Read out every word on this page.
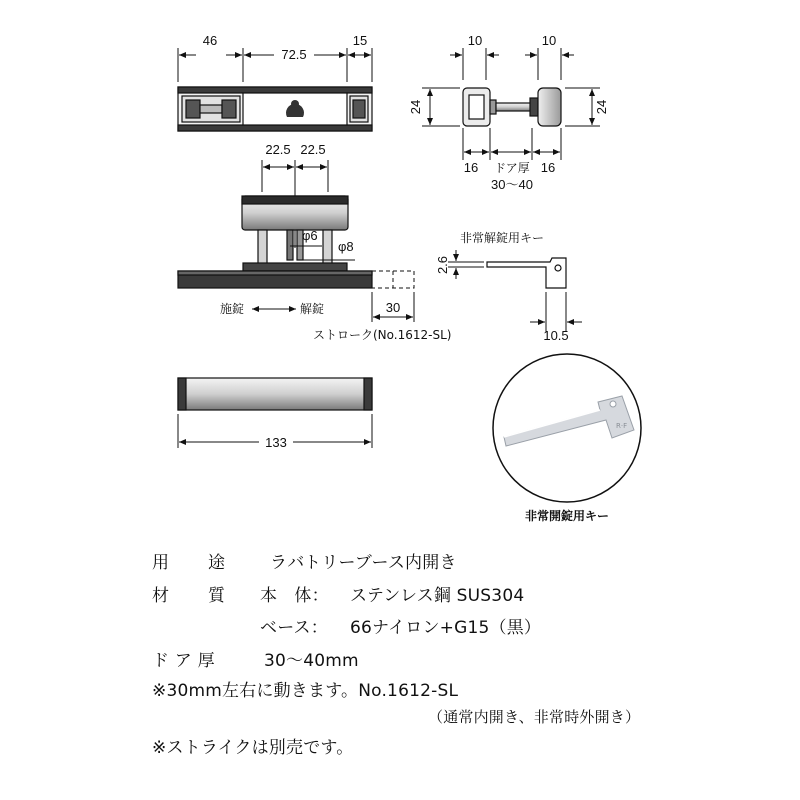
46
72.5
15	10	10
24	24
16	16
ドア厚
30～40
22.5 22.5
φ6
φ8
施錠	解錠	30
ストローク(No.1612-SL)
非常解錠用キー
2.6
10.5
133
R·F
非常開錠用キー
用 途	ラバトリーブース内開き
材 質 本　体： ステンレス鋼 SUS304
ベース： 66ナイロン+G15（黒）
ド ア 厚	30～40mm
※30mm左右に動きます。No.1612-SL
（通常内開き、非常時外開き）
※ストライクは別売です。
